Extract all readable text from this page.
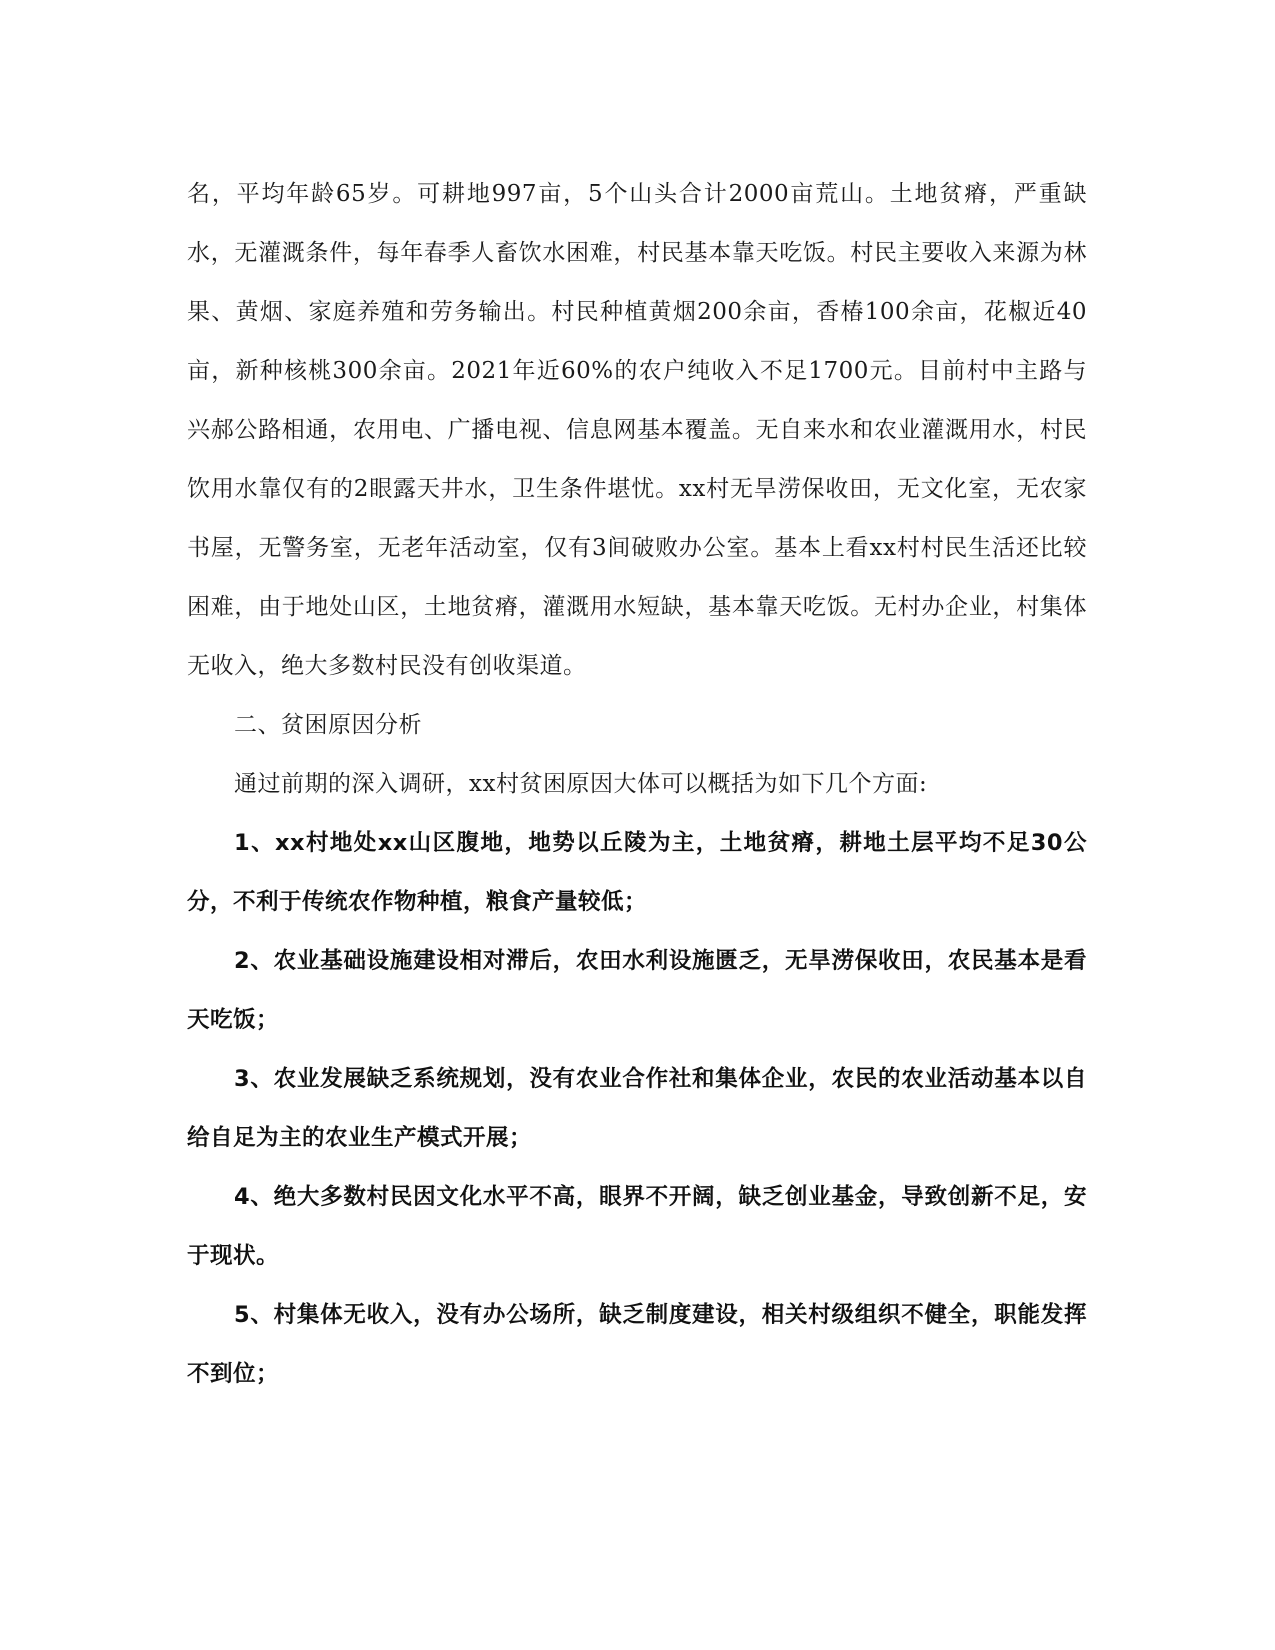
名，平均年龄65岁。可耕地997亩，5个山头合计2000亩荒山。土地贫瘠，严重缺水，无灌溉条件，每年春季人畜饮水困难，村民基本靠天吃饭。村民主要收入来源为林果、黄烟、家庭养殖和劳务输出。村民种植黄烟200余亩，香椿100余亩，花椒近40亩，新种核桃300余亩。2021年近60%的农户纯收入不足1700元。目前村中主路与兴郝公路相通，农用电、广播电视、信息网基本覆盖。无自来水和农业灌溉用水，村民饮用水靠仅有的2眼露天井水，卫生条件堪忧。xx村无旱涝保收田，无文化室，无农家书屋，无警务室，无老年活动室，仅有3间破败办公室。基本上看xx村村民生活还比较困难，由于地处山区，土地贫瘠，灌溉用水短缺，基本靠天吃饭。无村办企业，村集体无收入，绝大多数村民没有创收渠道。

二、贫困原因分析

通过前期的深入调研，xx村贫困原因大体可以概括为如下几个方面:

1、xx村地处xx山区腹地，地势以丘陵为主，土地贫瘠，耕地土层平均不足30公分，不利于传统农作物种植，粮食产量较低；

2、农业基础设施建设相对滞后，农田水利设施匮乏，无旱涝保收田，农民基本是看天吃饭；

3、农业发展缺乏系统规划，没有农业合作社和集体企业，农民的农业活动基本以自给自足为主的农业生产模式开展；

4、绝大多数村民因文化水平不高，眼界不开阔，缺乏创业基金，导致创新不足，安于现状。

5、村集体无收入，没有办公场所，缺乏制度建设，相关村级组织不健全，职能发挥不到位；
